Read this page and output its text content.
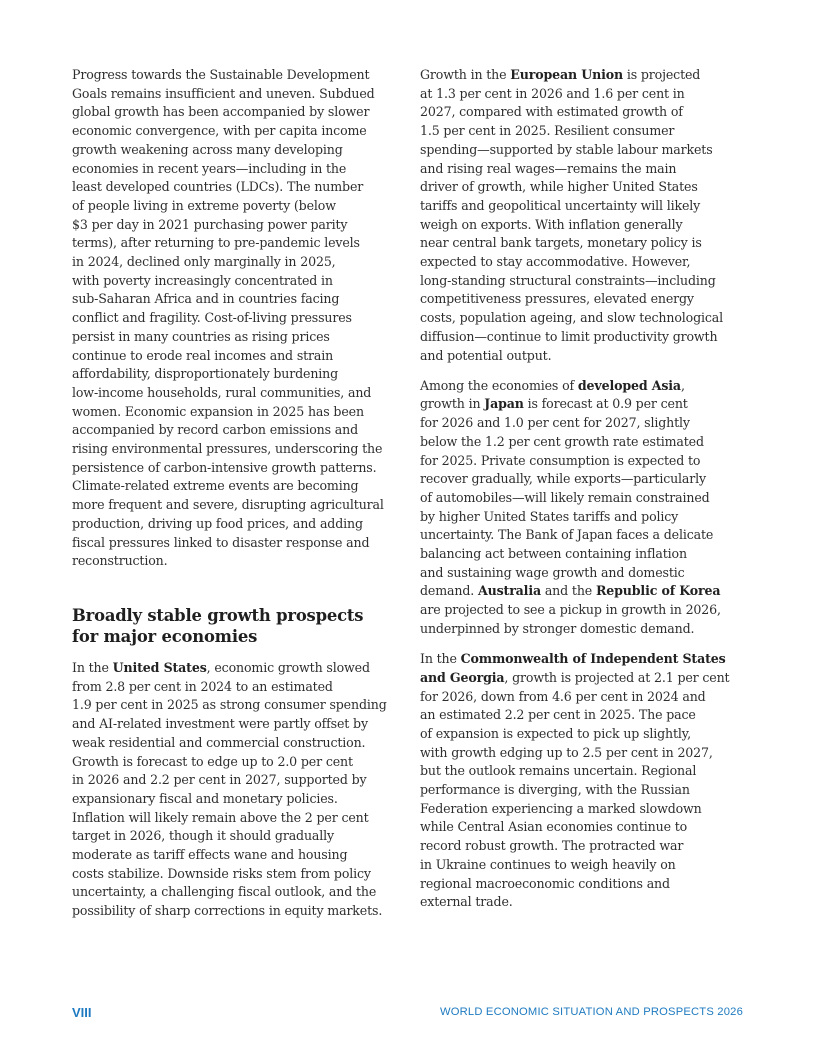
Progress towards the Sustainable Development
Goals remains insufficient and uneven. Subdued
global growth has been accompanied by slower
economic convergence, with per capita income
growth weakening across many developing
economies in recent years—including in the
least developed countries (LDCs). The number
of people living in extreme poverty (below
$3 per day in 2021 purchasing power parity
terms), after returning to pre-pandemic levels
in 2024, declined only marginally in 2025,
with poverty increasingly concentrated in
sub-Saharan Africa and in countries facing
conflict and fragility. Cost-of-living pressures
persist in many countries as rising prices
continue to erode real incomes and strain
affordability, disproportionately burdening
low-income households, rural communities, and
women. Economic expansion in 2025 has been
accompanied by record carbon emissions and
rising environmental pressures, underscoring the
persistence of carbon-intensive growth patterns.
Climate-related extreme events are becoming
more frequent and severe, disrupting agricultural
production, driving up food prices, and adding
fiscal pressures linked to disaster response and
reconstruction.

Broadly stable growth prospects
for major economies

In the United States, economic growth slowed
from 2.8 per cent in 2024 to an estimated
1.9 per cent in 2025 as strong consumer spending
and AI-related investment were partly offset by
weak residential and commercial construction.
Growth is forecast to edge up to 2.0 per cent
in 2026 and 2.2 per cent in 2027, supported by
expansionary fiscal and monetary policies.
Inflation will likely remain above the 2 per cent
target in 2026, though it should gradually
moderate as tariff effects wane and housing
costs stabilize. Downside risks stem from policy
uncertainty, a challenging fiscal outlook, and the
possibility of sharp corrections in equity markets.

Growth in the European Union is projected
at 1.3 per cent in 2026 and 1.6 per cent in
2027, compared with estimated growth of
1.5 per cent in 2025. Resilient consumer
spending—supported by stable labour markets
and rising real wages—remains the main
driver of growth, while higher United States
tariffs and geopolitical uncertainty will likely
weigh on exports. With inflation generally
near central bank targets, monetary policy is
expected to stay accommodative. However,
long-standing structural constraints—including
competitiveness pressures, elevated energy
costs, population ageing, and slow technological
diffusion—continue to limit productivity growth
and potential output.

Among the economies of developed Asia,
growth in Japan is forecast at 0.9 per cent
for 2026 and 1.0 per cent for 2027, slightly
below the 1.2 per cent growth rate estimated
for 2025. Private consumption is expected to
recover gradually, while exports—particularly
of automobiles—will likely remain constrained
by higher United States tariffs and policy
uncertainty. The Bank of Japan faces a delicate
balancing act between containing inflation
and sustaining wage growth and domestic
demand. Australia and the Republic of Korea
are projected to see a pickup in growth in 2026,
underpinned by stronger domestic demand.

In the Commonwealth of Independent States
and Georgia, growth is projected at 2.1 per cent
for 2026, down from 4.6 per cent in 2024 and
an estimated 2.2 per cent in 2025. The pace
of expansion is expected to pick up slightly,
with growth edging up to 2.5 per cent in 2027,
but the outlook remains uncertain. Regional
performance is diverging, with the Russian
Federation experiencing a marked slowdown
while Central Asian economies continue to
record robust growth. The protracted war
in Ukraine continues to weigh heavily on
regional macroeconomic conditions and
external trade.

VIII	WORLD ECONOMIC SITUATION AND PROSPECTS 2026
